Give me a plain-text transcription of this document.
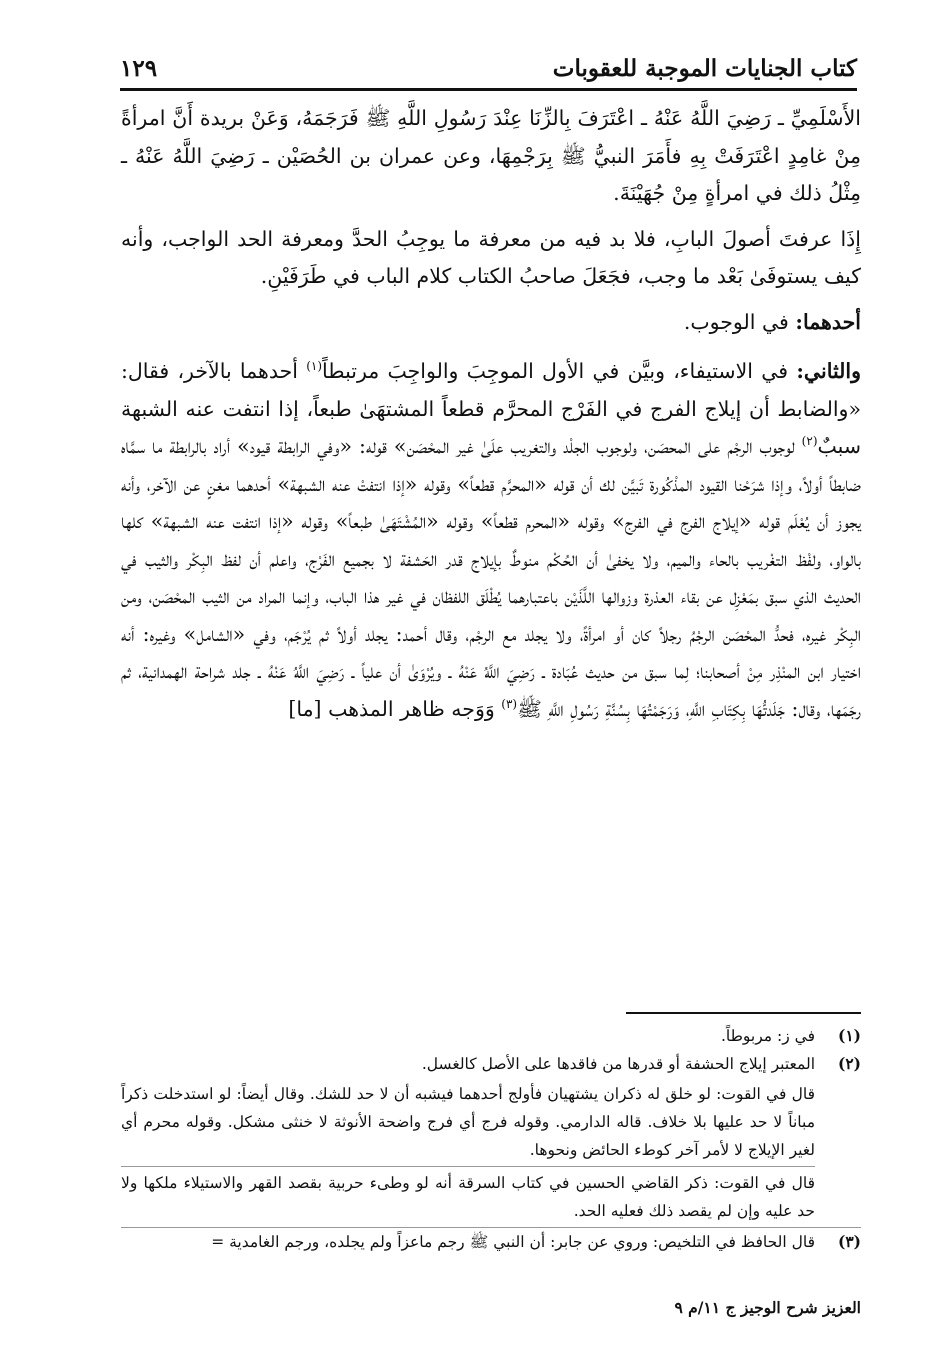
كتاب الجنايات الموجبة للعقوبات
١٢٩

الأَسْلَمِيِّ ـ رَضِيَ اللَّهُ عَنْهُ ـ اعْتَرَفَ بِالزِّنَا عِنْدَ رَسُولِ اللَّهِ ﷺ فَرَجَمَهُ، وَعَنْ بريدة أَنَّ امرأةً مِنْ غامِدٍ اعْتَرَفَتْ بِهِ فأَمَرَ النبيُّ ﷺ بِرَجْمِهَا، وعن عمران بن الحُصَيْن ـ رَضِيَ اللَّهُ عَنْهُ ـ مِثْلُ ذلك في امرأةٍ مِنْ جُهَيْنَةَ.

إِذَا عرفتَ أصولَ البابِ، فلا بد فيه من معرفة ما يوجِبُ الحدَّ ومعرفة الحد الواجب، وأنه كيف يستوفَىٰ بَعْد ما وجب، فجَعَلَ صاحبُ الكتاب كلام الباب في طَرَفَيْنِ.

أحدهما: في الوجوب.

والثاني: في الاستيفاء، وبيَّن في الأول الموجِبَ والواجِبَ مرتبطاً$^{(١)}$ أحدهما بالآخر، فقال: «والضابط أن إيلاج الفرج في الفَرْج المحرَّم قطعاً المشتهَىٰ طبعاً، إذا انتفت عنه الشبهة سببٌ$^{(٢)}$ لوجوب الرجْم على المحصَن، ولوجوب الجلْد والتغريب علَىٰ غير المحْصَن» قوله: «وفي الرابطة قيود» أراد بالرابطة ما سمَّاه ضابطاً أولاً، وإذا شرَحْنا القيود المذْكُورة تَبيَّن لك أن قوله «المحرَّم قطعاً» وقوله «إذا انتفتْ عنه الشبهة» أحدهما مغنٍ عن الآخر، وأنه يجوز أن يُعْلَم قوله «إيلاج الفرج في الفرج» وقوله «المحرم قطعاً» وقوله «المُشْتَهَىٰ طبعاً» وقوله «إذا انتفت عنه الشبهة» كلها بالواو، ولفْظ التغْريب بالحاء والميم، ولا يخفىٰ أن الحُكْم منوطٌ بإيلاج قدر الحَشفة لا بجميع الفَرْج، واعلم أن لفظ البِكْر والثيب في الحديث الذي سبق بمَعْزِل عن بقاء العذرة وزوالها اللَّذَيْن باعتبارهما يُطْلَق اللفظان في غير هذا الباب، وإنما المراد من الثيب المحْصَن، ومن البِكْر غيره، فحدُّ المحْصَن الرجْمُ رجلاً كان أو امرأةً، ولا يجلد مع الرجْم، وقال أحمد: يجلد أولاً ثم يُرْجَم، وفي «الشامل» وغيره: أنه اختيار ابن المنْذِر مِنْ أصحابنا؛ لِما سبق من حديث عُبَادة ـ رَضِيَ اللَّهُ عَنْهُ ـ ويُرْوَىٰ أن علياً ـ رَضِيَ اللَّهُ عَنْهُ ـ جلد شراحة الهمدانية، ثم رجَمَها، وقال: جَلَدتُّهَا بِكِتَابِ اللَّهِ، وَرَجَمْتُهَا بِسُنَّةِ رَسُولِ اللَّهِ ﷺ$^{(٣)}$ وَوَجه ظاهر المذهب [ما]

(١)
في ز: مربوطاً.
(٢)
المعتبر إيلاج الحشفة أو قدرها من فاقدها على الأصل كالغسل.
قال في القوت: لو خلق له ذكران يشتهيان فأولج أحدهما فيشبه أن لا حد للشك. وقال أيضاً: لو استدخلت ذكراً مباناً لا حد عليها بلا خلاف. قاله الدارمي. وقوله فرج أي فرج واضحة الأنوثة لا خنثى مشكل. وقوله محرم أي لغير الإيلاج لا لأمر آخر كوطء الحائض ونحوها.
قال في القوت: ذكر القاضي الحسين في كتاب السرقة أنه لو وطىء حربية بقصد القهر والاستيلاء ملكها ولا حد عليه وإن لم يقصد ذلك فعليه الحد.
(٣)
قال الحافظ في التلخيص: وروي عن جابر: أن النبي ﷺ رجم ماعزاً ولم يجلده، ورجم الغامدية =
العزيز شرح الوجيز ج ١١/م ٩
